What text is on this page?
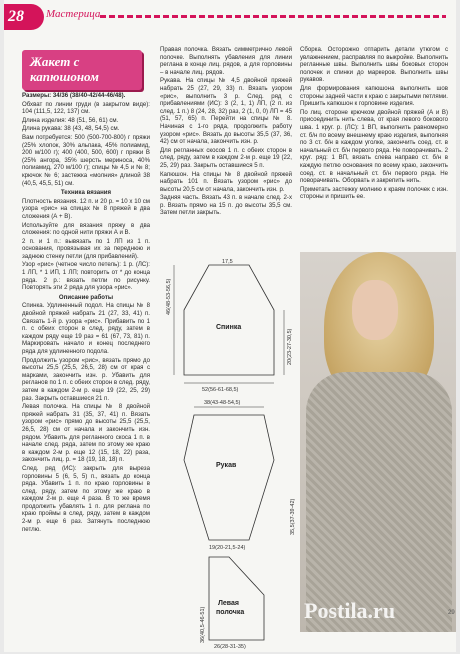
28	Мастерица
Жакет с капюшоном

Размеры: 34/36 (38/40-42/44-46/48).

Обхват по линии груди (в закрытом виде): 104 (111,5, 122, 137) см.

Длина изделия: 48 (51, 56, 61) см.

Длина рукава: 38 (43, 48, 54,5) см.

Вам потребуется: 500 (500-700-800) г пряжи (25% хлопок, 30% альпака, 45% полиамид, 200 м/100 г); 400 (400, 500, 600) г пряжи В (25% ангора, 35% шерсть мериноса, 40% полиамид, 270 м/100 г); спицы № 4,5 и № 8; крючок № 6; застежка «молния» длиной 38 (40,5, 45,5, 51) см.

Техника вязания

Плотность вязания. 12 п. и 20 р. = 10 х 10 см узора «рис» на спицах № 8 пряжей в два сложения (А + В).

Используйте для вязания пряжу в два сложения: по одной нити пряжи А и В.

2 п. и 1 п.: вывязать по 1 ЛП из 1 п. основания, провязывая их за переднюю и заднюю стенку петли (для прибавлений).

Узор «рис» (четное число петель): 1 р. (ЛС): 1 ЛП, * 1 ИП, 1 ЛП; повторить от * до конца ряда. 2 р.: вязать петли по рисунку. Повторять эти 2 ряда для узора «рис».

Описание работы

Спинка. Удлиненный подол. На спицы № 8 двойной пряжей набрать 21 (27, 33, 41) п. Связать 1-й р. узора «рис». Прибавить по 1 п. с обеих сторон в след. ряду, затем в каждом ряду еще 19 раз = 61 (67, 73, 81) п. Маркировать начало и конец последнего ряда для удлиненного подола.

Продолжить узором «рис», вязать прямо до высоты 25,5 (25,5, 26,5, 28) см от края с марками, закончить изн. р. Убавить для регланов по 1 п. с обеих сторон в след. ряду, затем в каждом 2-м р. еще 19 (22, 25, 29) раз. Закрыть оставшиеся 21 п.

Левая полочка. На спицы № 8 двойной пряжей набрать 31 (35, 37, 41) п. Вязать узором «рис» прямо до высоты 25,5 (25,5, 26,5, 28) см от начала и закончить изн. рядом. Убавить для регланного скоса 1 п. в начале след. ряда, затем по этому же краю в каждом 2-м р. еще 12 (15, 18, 22) раза, закончить лиц. р. = 18 (19, 18, 18) п.

След. ряд (ИС): закрыть для выреза горловины 5 (6, 5, 5) п., вязать до конца ряда. Убавить 1 п. по краю горловины в след. ряду, затем по этому же краю в каждом 2-м р. еще 4 раза. В то же время продолжить убавлять 1 п. для реглана по краю проймы в след. ряду, затем в каждом 2-м р. еще 6 раз. Затянуть последнюю петлю.

Правая полочка. Вязать симметрично левой полочке. Выполнять убавления для линии реглана в конце лиц. рядов, а для горловины – в начале лиц. рядов.

Рукава. На спицы № 4,5 двойной пряжей набрать 25 (27, 29, 33) п. Вязать узором «рис», выполнить 3 р. След. ряд с прибавлениями (ИС): 3 (2, 1, 1) ЛП, (2 п. из след. 1 п.) 8 (24, 28, 32) раз, 2 (1, 0, 0) ЛП = 45 (51, 57, 65) п. Перейти на спицы № 8. Начиная с 1-го ряда, продолжить работу узором «рис». Вязать до высоты 35,5 (37, 36, 42) см от начала, закончить изн. р.

Для регланных скосов 1 п. с обеих сторон в след. ряду, затем в каждом 2-м р. еще 19 (22, 25, 29) раз. Закрыть оставшиеся 5 п.

Капюшон. На спицы № 8 двойной пряжей набрать 101 п. Вязать узором «рис» до высоты 20,5 см от начала, закончить изн. р.

Задняя часть. Вязать 43 п. в начале след. 2-х р. Вязать прямо на 15 п. до высоты 35,5 см. Затем петли закрыть.

Сборка. Осторожно отпарить детали утюгом с увлажнением, расправляя по выкройке. Выполнить регланные швы. Выполнить швы боковых сторон полочек и спинки до маркеров. Выполнить швы рукавов.

Для формирования капюшона выполнить шов стороны задней части к краю с закрытыми петлями. Пришить капюшон к горловине изделия.

По лиц. стороне крючком двойной пряжей (А и В) присоединить нить слева, от края левого бокового шва. 1 круг. р. (ЛС): 1 ВП, выполнить равномерно ст. б/н по всему внешнему краю изделия, выполняя по 3 ст. б/н в каждом уголке, закончить соед. ст. в начальный ст. б/н первого ряда. Не поворачивать. 2 круг. ряд: 1 ВП, вязать слева направо ст. б/н в каждую петлю основания по всему краю, закончить соед. ст. в начальный ст. б/н первого ряда. Не поворачивать. Оборвать и закрепить нить.

Приметать застежку молнию к краям полочек с изн. стороны и пришить ее.

Спинка
46(48-53-56,5)
20(23-27-30,5)
52(56-61-68,5)
17,5
38(43-48-54,5)
Рукав
35,5(37-39-42)
19(20-21,5-24)
Левая
полочка
36(40,5-46-51)
26(28-31-35)
Postila.ru	29
